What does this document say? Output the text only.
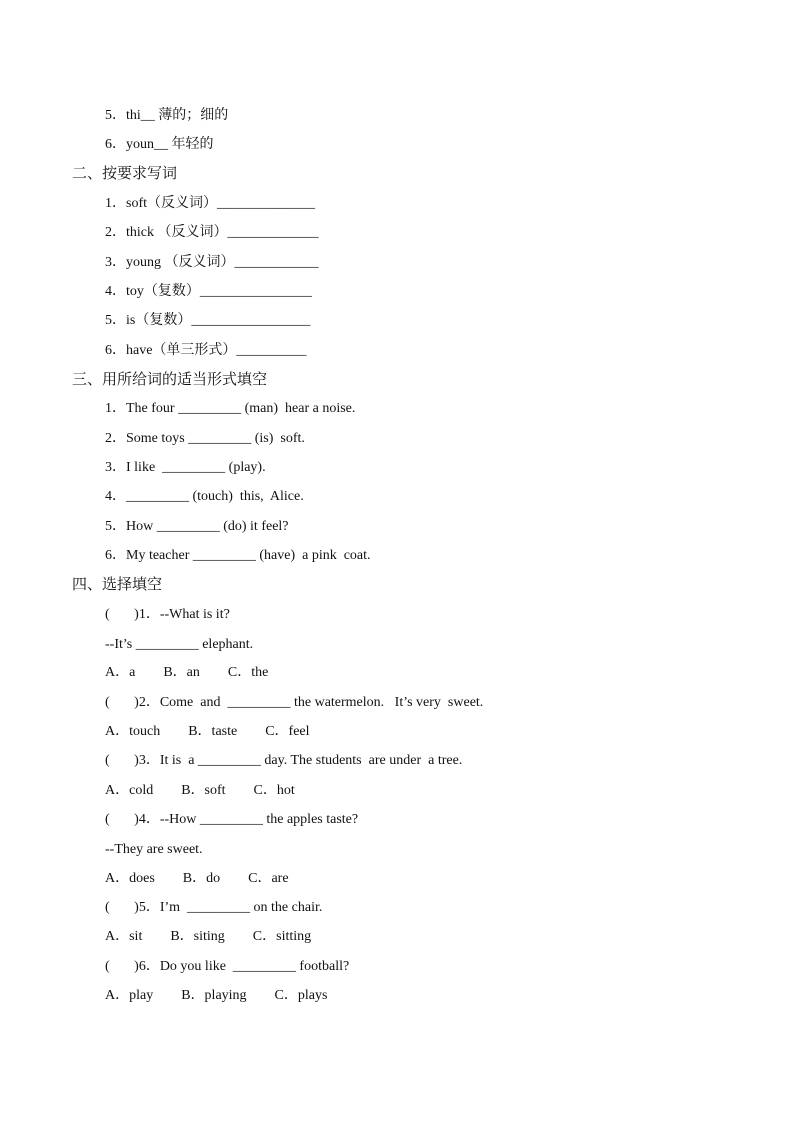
5．thi__ 薄的；细的
6．youn__ 年轻的
二、按要求写词
1．soft（反义词）______________
2．thick （反义词）_____________
3．young （反义词）____________
4．toy（复数）________________
5．is（复数）_________________
6．have（单三形式）__________
三、用所给词的适当形式填空
1．The four _________ (man)  hear a noise.
2．Some toys _________ (is)  soft.
3．I like  _________ (play).
4．_________ (touch)  this,  Alice.
5．How _________ (do) it feel?
6．My teacher _________ (have)  a pink  coat.
四、选择填空
(       )1．--What is it?
--It’s _________ elephant.
A．a        B．an        C．the
(       )2．Come  and  _________ the watermelon.   It’s very  sweet.
A．touch        B．taste        C．feel
(       )3．It is  a _________ day. The students  are under  a tree.
A．cold        B．soft        C．hot
(       )4．--How _________ the apples taste?
--They are sweet.
A．does        B．do        C．are
(       )5．I’m  _________ on the chair.
A．sit        B．siting        C．sitting
(       )6．Do you like  _________ football?
A．play        B．playing        C．plays
